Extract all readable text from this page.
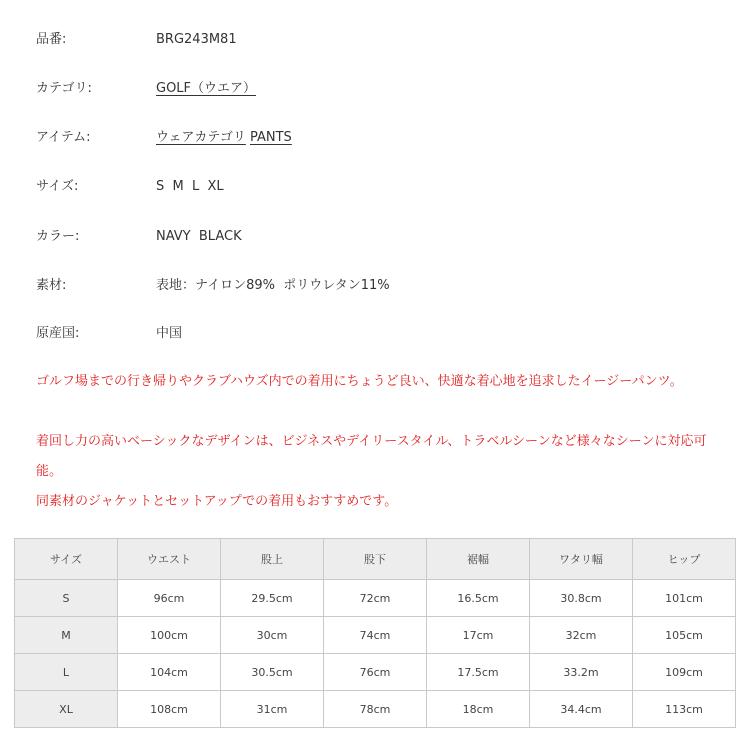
品番:	BRG243M81
カテゴリ:	GOLF（ウエア）
アイテム:	ウェアカテゴリ PANTS
サイズ:	S  M  L  XL
カラー:	NAVY  BLACK
素材:	表地：ナイロン89%  ポリウレタン11%
原産国:	中国

ゴルフ場までの行き帰りやクラブハウズ内での着用にちょうど良い、快適な着心地を追求したイージーパンツ。

着回し力の高いベーシックなデザインは、ビジネスやデイリースタイル、トラベルシーンなど様々なシーンに対応可能。

同素材のジャケットとセットアップでの着用もおすすめです。

サイズ	ウエスト	股上	股下	裾幅	ワタリ幅	ヒップ
S	96cm	29.5cm	72cm	16.5cm	30.8cm	101cm
M	100cm	30cm	74cm	17cm	32cm	105cm
L	104cm	30.5cm	76cm	17.5cm	33.2m	109cm
XL	108cm	31cm	78cm	18cm	34.4cm	113cm
